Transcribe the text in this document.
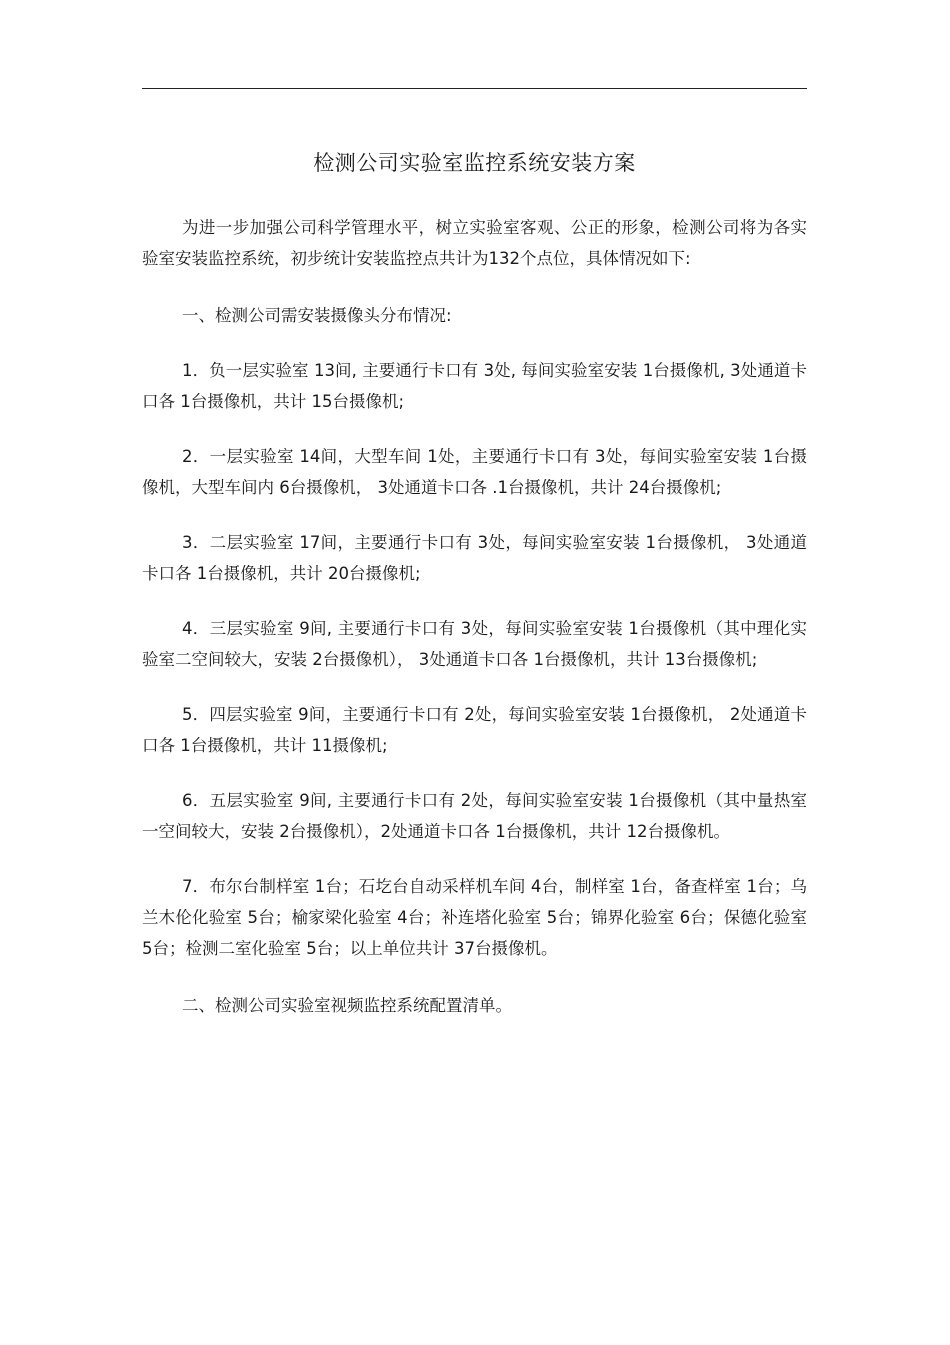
检测公司实验室监控系统安装方案

为进一步加强公司科学管理水平，树立实验室客观、公正的形象，检测公司将为各实验室安装监控系统，初步统计安装监控点共计为132个点位，具体情况如下:

一、检测公司需安装摄像头分布情况:

1．负一层实验室 13间, 主要通行卡口有 3处, 每间实验室安装 1台摄像机, 3处通道卡口各 1台摄像机，共计 15台摄像机;

2．一层实验室 14间，大型车间 1处，主要通行卡口有 3处，每间实验室安装 1台摄像机，大型车间内 6台摄像机， 3处通道卡口各 .1台摄像机，共计 24台摄像机;

3．二层实验室 17间，主要通行卡口有 3处，每间实验室安装 1台摄像机， 3处通道卡口各 1台摄像机，共计 20台摄像机;

4．三层实验室 9间, 主要通行卡口有 3处，每间实验室安装 1台摄像机（其中理化实验室二空间较大，安装 2台摄像机）， 3处通道卡口各 1台摄像机，共计 13台摄像机;

5．四层实验室 9间，主要通行卡口有 2处，每间实验室安装 1台摄像机， 2处通道卡口各 1台摄像机，共计 11摄像机;

6．五层实验室 9间, 主要通行卡口有 2处，每间实验室安装 1台摄像机（其中量热室一空间较大，安装 2台摄像机），2处通道卡口各 1台摄像机，共计 12台摄像机。

7．布尔台制样室 1台；石圪台自动采样机车间 4台，制样室 1台，备查样室 1台；乌兰木伦化验室 5台；榆家梁化验室 4台；补连塔化验室 5台；锦界化验室 6台；保德化验室 5台；检测二室化验室 5台；以上单位共计 37台摄像机。

二、检测公司实验室视频监控系统配置清单。
